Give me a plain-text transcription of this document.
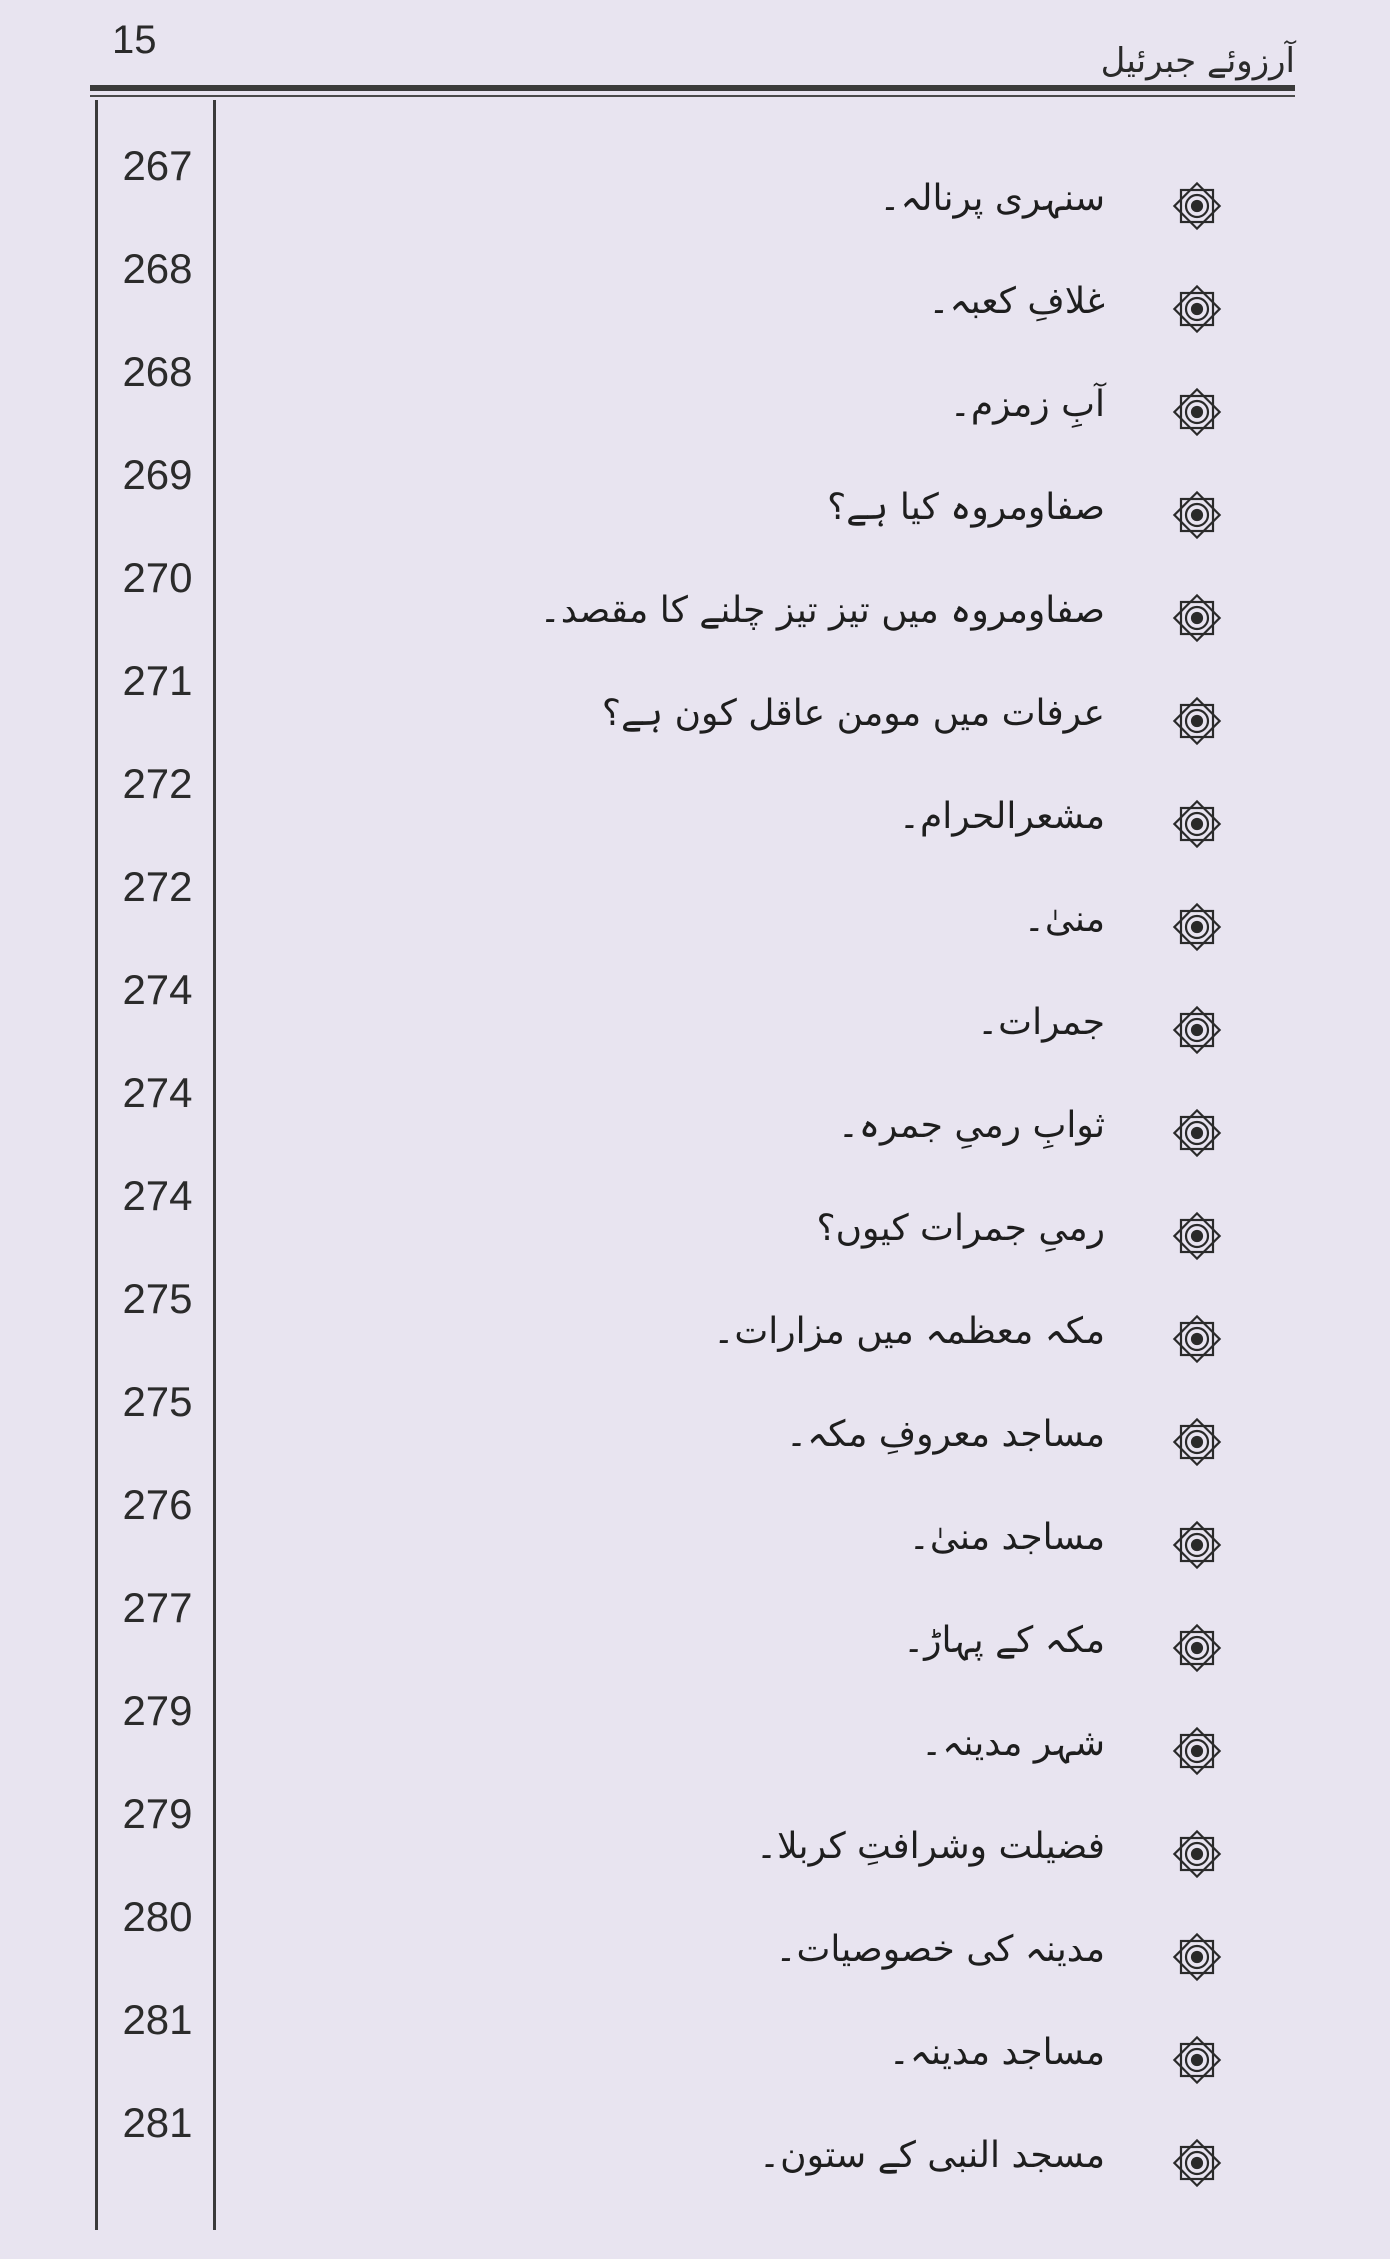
15	آرزوئے جبرئیل
267
سنہری پرنالہ۔
268
غلافِ کعبہ۔
268
آبِ زمزم۔
269
صفاومروہ کیا ہے؟
270
صفاومروہ میں تیز تیز چلنے کا مقصد۔
271
عرفات میں مومن عاقل کون ہے؟
272
مشعرالحرام۔
272
منیٰ۔
274
جمرات۔
274
ثوابِ رمیِ جمرہ۔
274
رمیِ جمرات کیوں؟
275
مکہ معظمہ میں مزارات۔
275
مساجد معروفِ مکہ۔
276
مساجد منیٰ۔
277
مکہ کے پہاڑ۔
279
شہر مدینہ۔
279
فضیلت وشرافتِ کربلا۔
280
مدینہ کی خصوصیات۔
281
مساجد مدینہ۔
281
مسجد النبی کے ستون۔
